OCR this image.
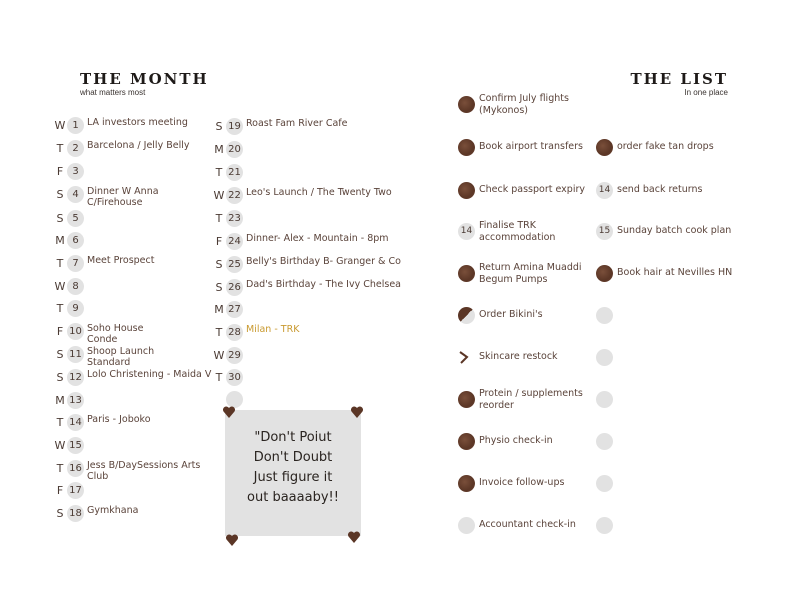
THE MONTH
what matters most
THE LIST
In one place
W 1 LA investors meeting
T 2 Barcelona / Jelly Belly
F 3
S 4 Dinner W Anna
C/Firehouse
S 5
M 6
T 7 Meet Prospect
W 8
T 9
F 10 Soho House
Conde
S 11 Shoop Launch
Standard
S 12 Lolo Christening - Maida V
M 13
T 14 Paris - Joboko
W 15
T 16 Jess B/DaySessions Arts
Club
F 17
S 18 Gymkhana
S 19 Roast Fam River Cafe
M 20
T 21
W 22 Leo's Launch / The Twenty Two
T 23
F 24 Dinner- Alex - Mountain - 8pm
S 25 Belly's Birthday B- Granger & Co
S 26 Dad's Birthday - The Ivy Chelsea
M 27
T 28 Milan - TRK
W 29
T 30
"Don't Poiut
Don't Doubt
Just figure it
out baaaaby!!
Confirm July flights
(Mykonos)
Book airport transfers	order fake tan drops
Check passport expiry	14 send back returns
14 Finalise TRK
accommodation
15 Sunday batch cook plan
Return Amina Muaddi
Begum Pumps
Book hair at Nevilles HN
Order Bikini's
Skincare restock
Protein / supplements
reorder
Physio check-in
Invoice follow-ups
Accountant check-in
